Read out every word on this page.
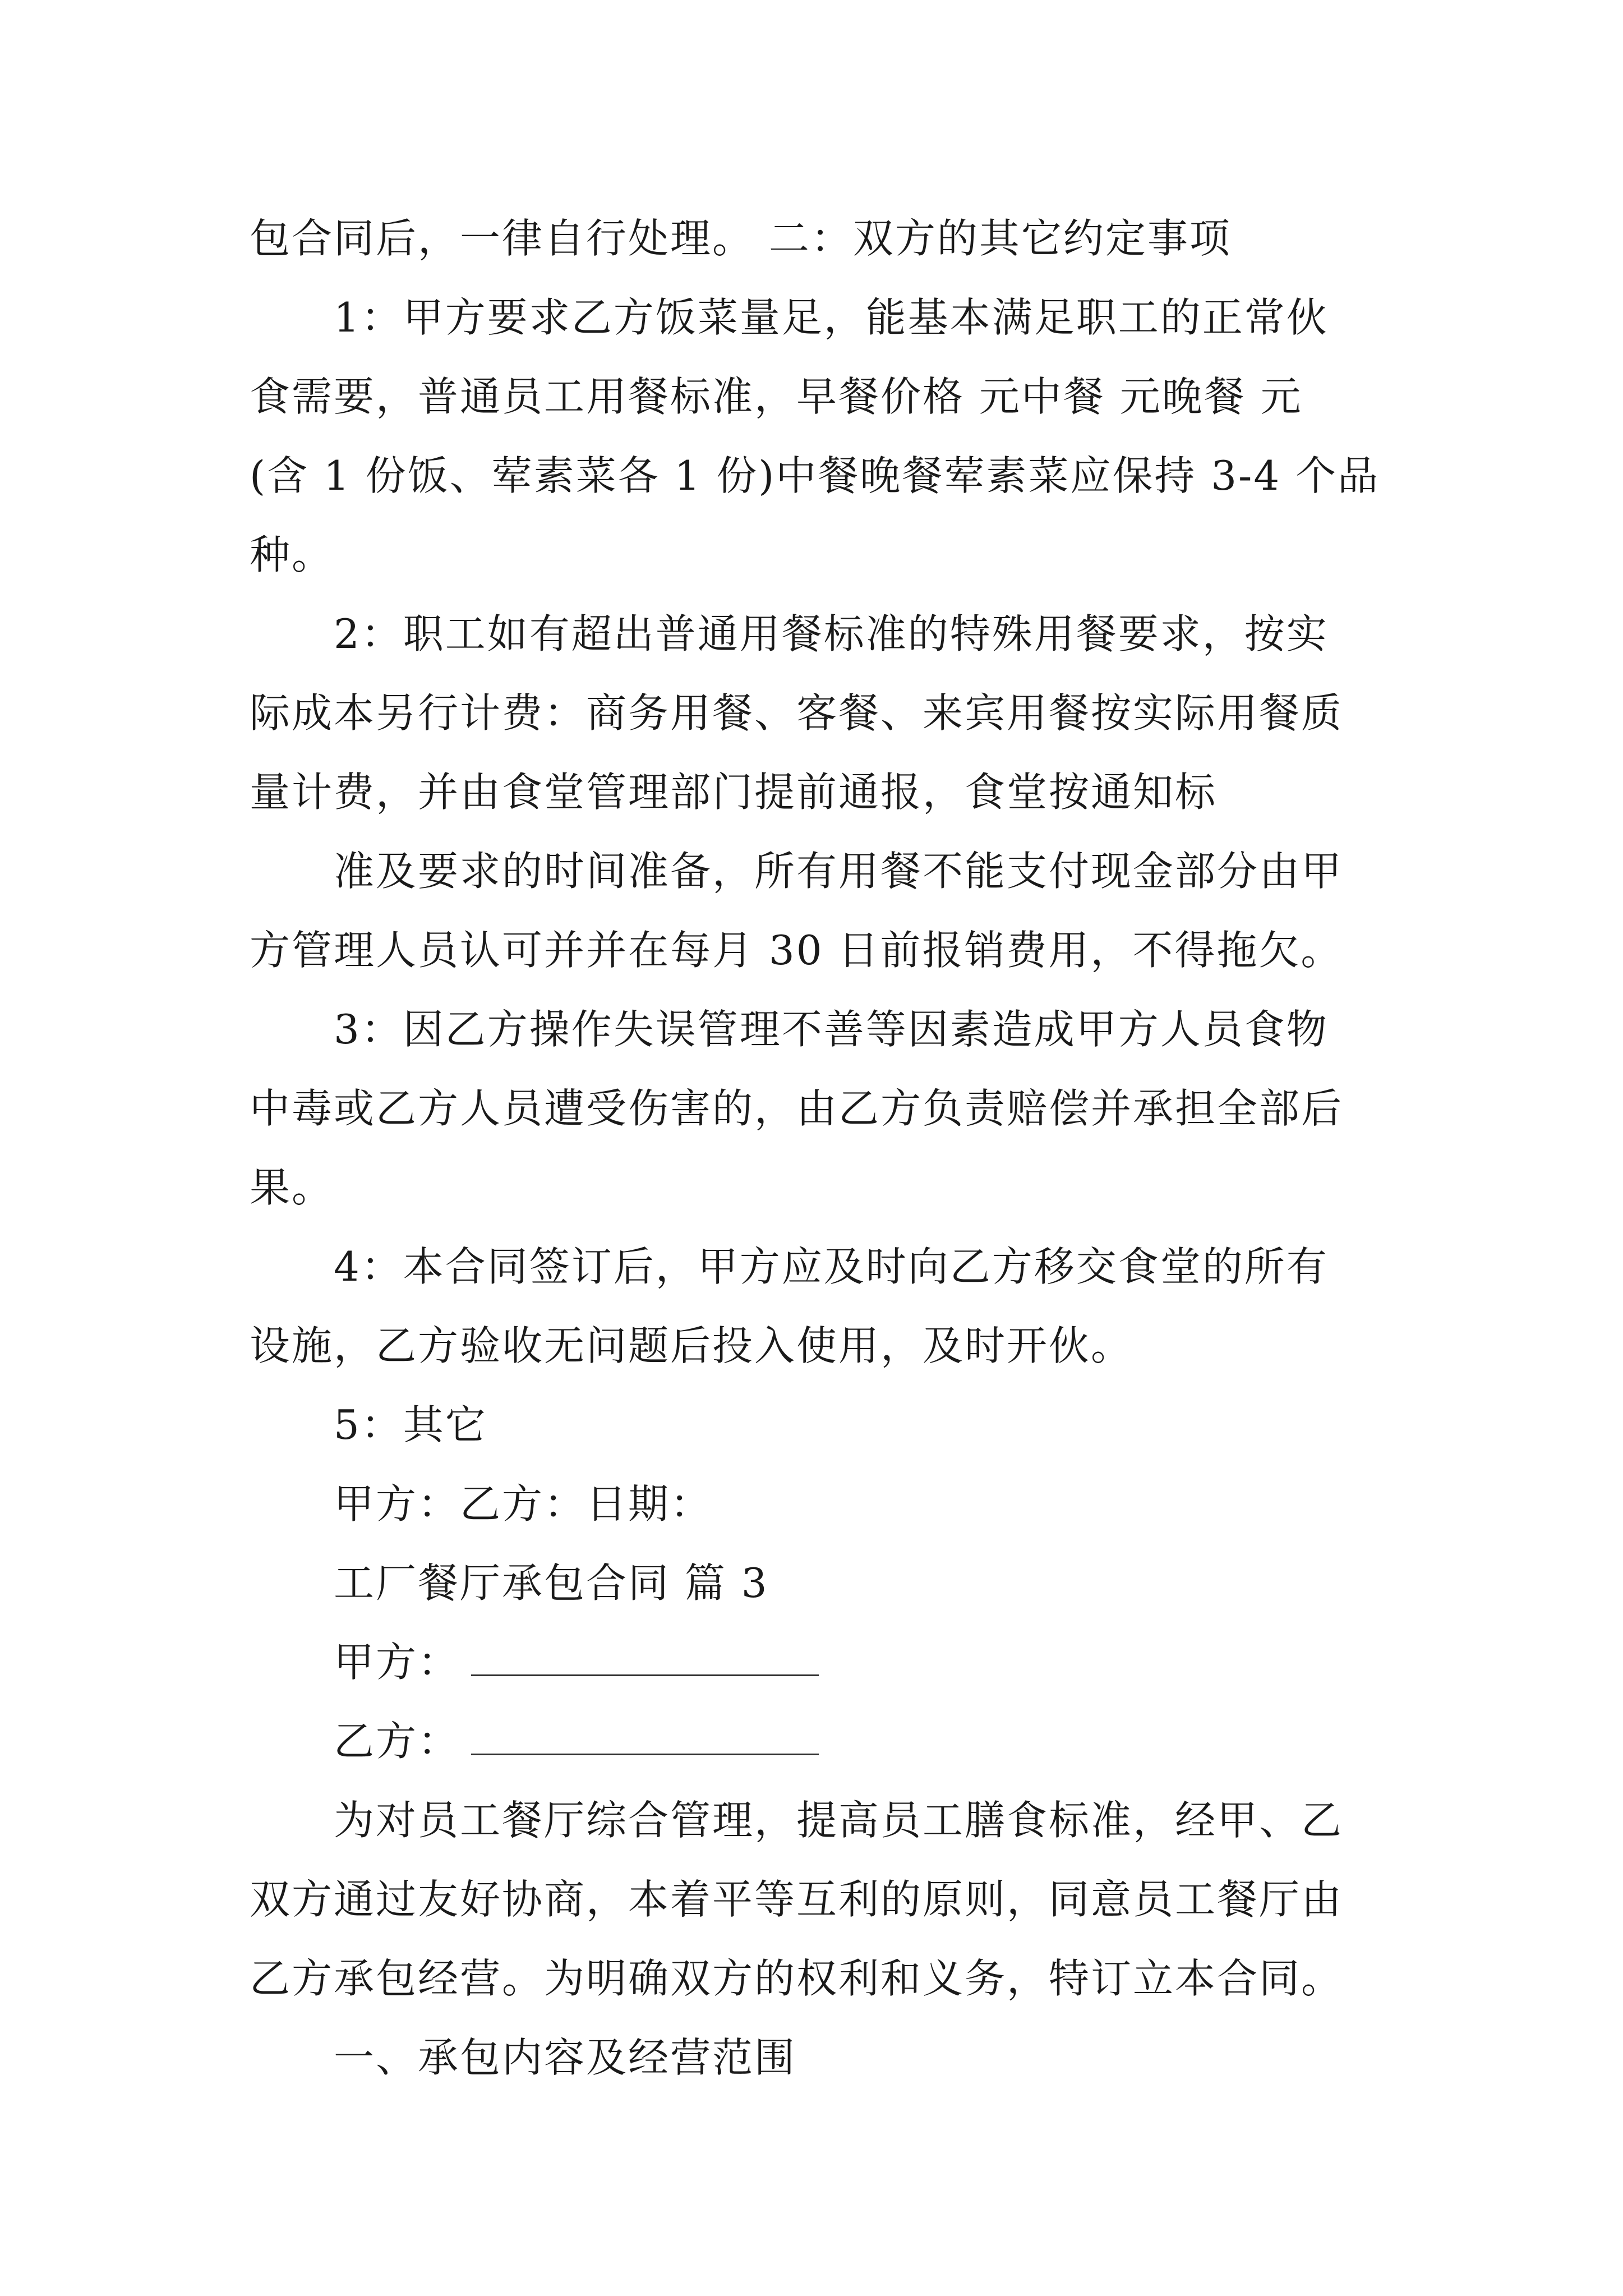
包合同后，一律自行处理。 二：双方的其它约定事项
1：甲方要求乙方饭菜量足，能基本满足职工的正常伙
食需要，普通员工用餐标准，早餐价格 元中餐 元晚餐 元
(含 1 份饭、荤素菜各 1 份)中餐晚餐荤素菜应保持 3-4 个品
种。
2：职工如有超出普通用餐标准的特殊用餐要求，按实
际成本另行计费：商务用餐、客餐、来宾用餐按实际用餐质
量计费，并由食堂管理部门提前通报，食堂按通知标
准及要求的时间准备，所有用餐不能支付现金部分由甲
方管理人员认可并并在每月 30 日前报销费用，不得拖欠。
3：因乙方操作失误管理不善等因素造成甲方人员食物
中毒或乙方人员遭受伤害的，由乙方负责赔偿并承担全部后
果。
4：本合同签订后，甲方应及时向乙方移交食堂的所有
设施，乙方验收无问题后投入使用，及时开伙。
5：其它
甲方：乙方：日期：
工厂餐厅承包合同 篇 3
甲方：
乙方：
为对员工餐厅综合管理，提高员工膳食标准，经甲、乙
双方通过友好协商，本着平等互利的原则，同意员工餐厅由
乙方承包经营。为明确双方的权利和义务，特订立本合同。
一、承包内容及经营范围
